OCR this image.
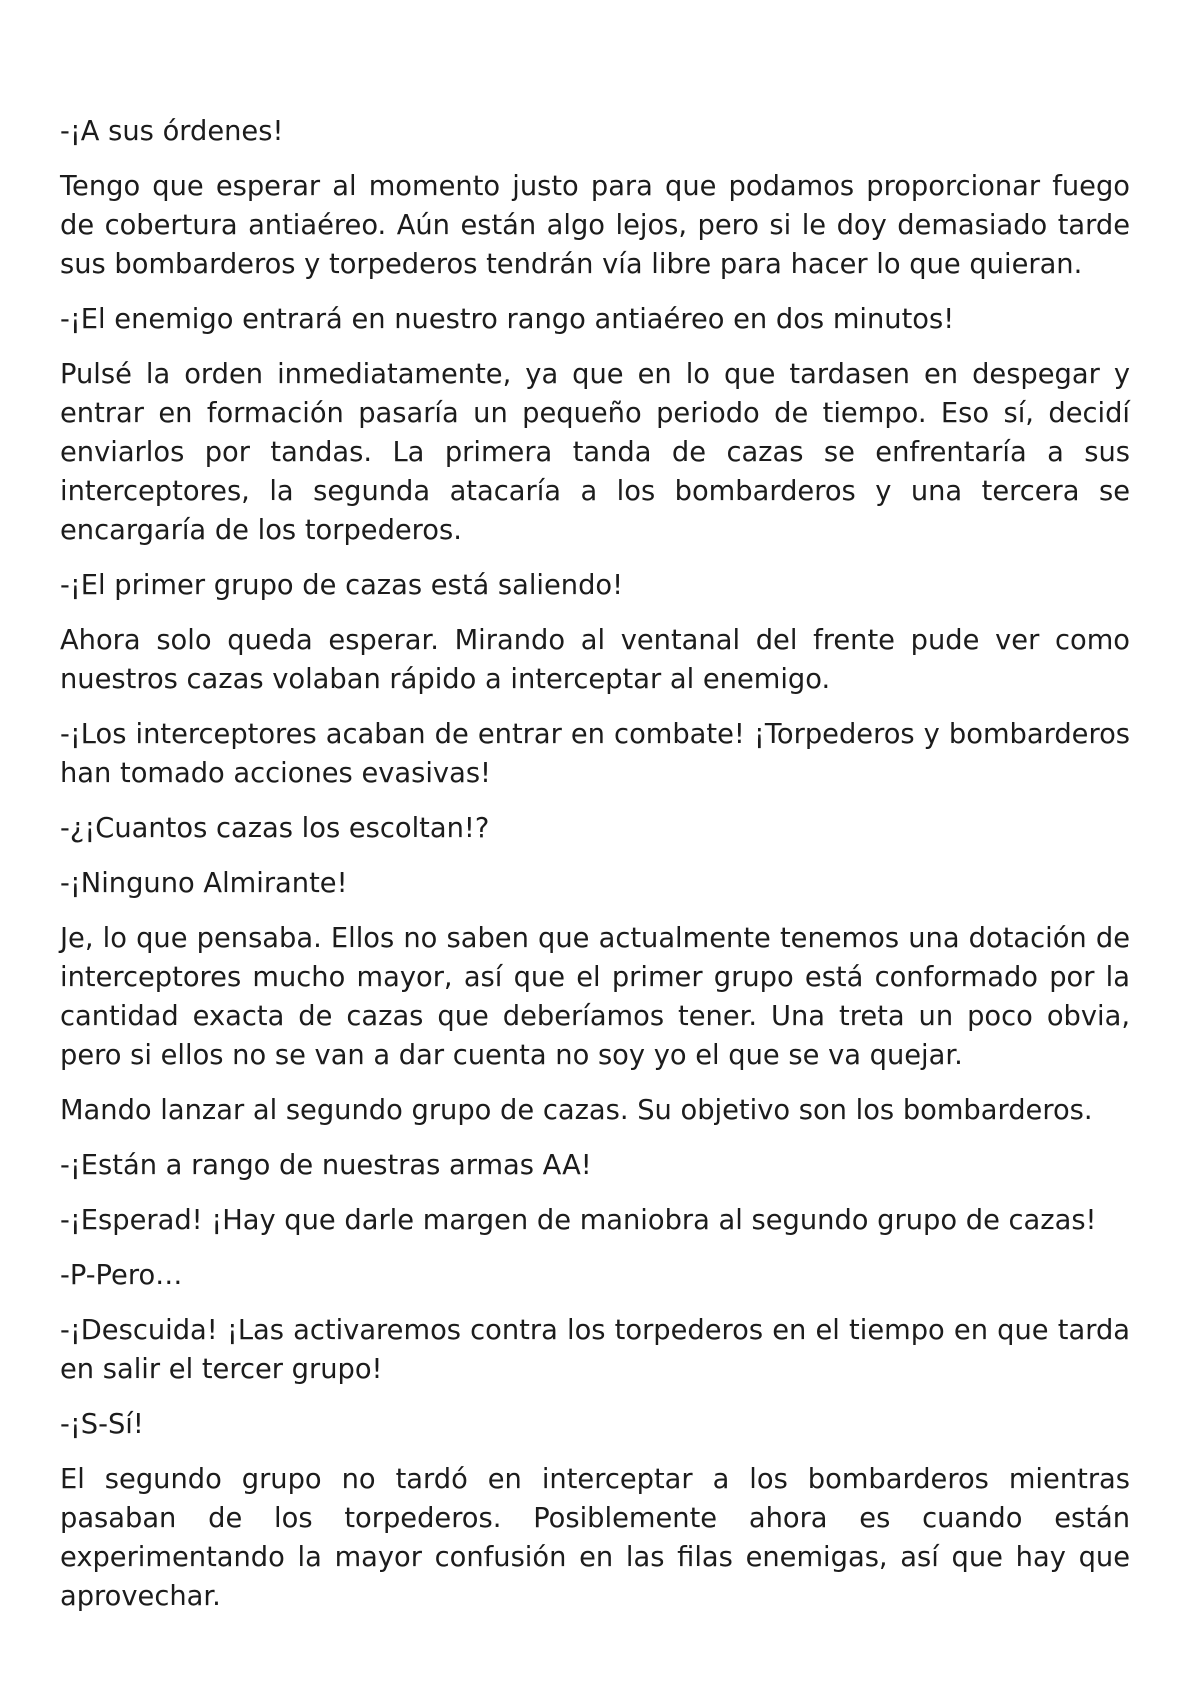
-¡A sus órdenes!

Tengo que esperar al momento justo para que podamos proporcionar fuego de cobertura antiaéreo. Aún están algo lejos, pero si le doy demasiado tarde sus bombarderos y torpederos tendrán vía libre para hacer lo que quieran.

-¡El enemigo entrará en nuestro rango antiaéreo en dos minutos!

Pulsé la orden inmediatamente, ya que en lo que tardasen en despegar y entrar en formación pasaría un pequeño periodo de tiempo. Eso sí, decidí enviarlos por tandas. La primera tanda de cazas se enfrentaría a sus interceptores, la segunda atacaría a los bombarderos y una tercera se encargaría de los torpederos.

-¡El primer grupo de cazas está saliendo!

Ahora solo queda esperar. Mirando al ventanal del frente pude ver como nuestros cazas volaban rápido a interceptar al enemigo.

-¡Los interceptores acaban de entrar en combate! ¡Torpederos y bombarderos han tomado acciones evasivas!

-¿¡Cuantos cazas los escoltan!?

-¡Ninguno Almirante!

Je, lo que pensaba. Ellos no saben que actualmente tenemos una dotación de interceptores mucho mayor, así que el primer grupo está conformado por la cantidad exacta de cazas que deberíamos tener. Una treta un poco obvia, pero si ellos no se van a dar cuenta no soy yo el que se va quejar.

Mando lanzar al segundo grupo de cazas. Su objetivo son los bombarderos.

-¡Están a rango de nuestras armas AA!

-¡Esperad! ¡Hay que darle margen de maniobra al segundo grupo de cazas!

-P-Pero…

-¡Descuida! ¡Las activaremos contra los torpederos en el tiempo en que tarda en salir el tercer grupo!

-¡S-Sí!

El segundo grupo no tardó en interceptar a los bombarderos mientras pasaban de los torpederos. Posiblemente ahora es cuando están experimentando la mayor confusión en las filas enemigas, así que hay que aprovechar.
